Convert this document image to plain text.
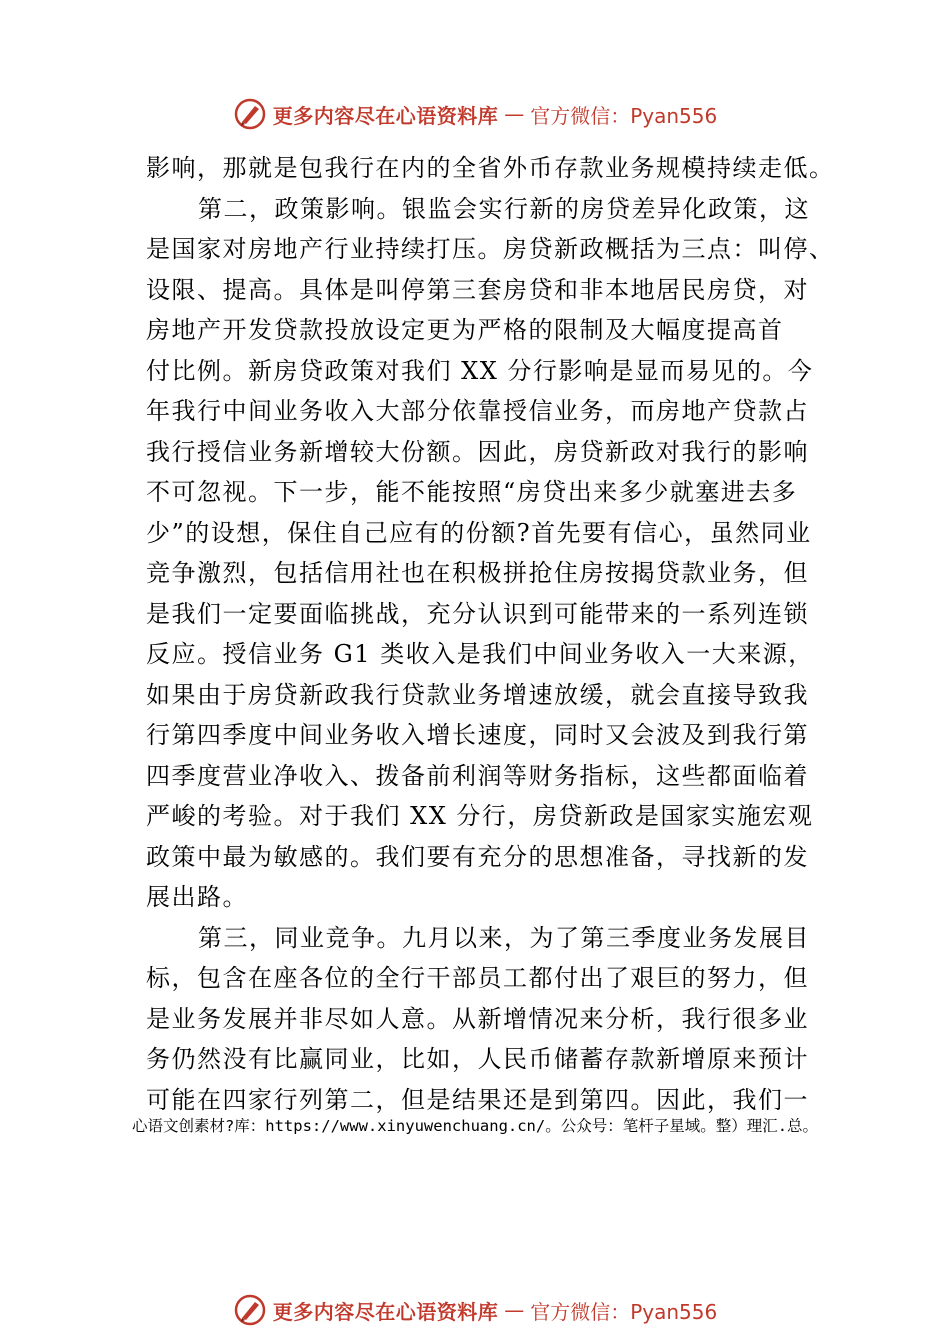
更多内容尽在心语资料库 — 官方微信：Pyan556
影响，那就是包我行在内的全省外币存款业务规模持续走低。
第二，政策影响。银监会实行新的房贷差异化政策，这
是国家对房地产行业持续打压。房贷新政概括为三点：叫停、
设限、提高。具体是叫停第三套房贷和非本地居民房贷，对
房地产开发贷款投放设定更为严格的限制及大幅度提高首
付比例。新房贷政策对我们 XX 分行影响是显而易见的。今
年我行中间业务收入大部分依靠授信业务，而房地产贷款占
我行授信业务新增较大份额。因此，房贷新政对我行的影响
不可忽视。下一步，能不能按照“房贷出来多少就塞进去多
少”的设想，保住自己应有的份额?首先要有信心，虽然同业
竞争激烈，包括信用社也在积极拼抢住房按揭贷款业务，但
是我们一定要面临挑战，充分认识到可能带来的一系列连锁
反应。授信业务 G1 类收入是我们中间业务收入一大来源，
如果由于房贷新政我行贷款业务增速放缓，就会直接导致我
行第四季度中间业务收入增长速度，同时又会波及到我行第
四季度营业净收入、拨备前利润等财务指标，这些都面临着
严峻的考验。对于我们 XX 分行，房贷新政是国家实施宏观
政策中最为敏感的。我们要有充分的思想准备，寻找新的发
展出路。
第三，同业竞争。九月以来，为了第三季度业务发展目
标，包含在座各位的全行干部员工都付出了艰巨的努力，但
是业务发展并非尽如人意。从新增情况来分析，我行很多业
务仍然没有比赢同业，比如，人民币储蓄存款新增原来预计
可能在四家行列第二，但是结果还是到第四。因此，我们一
心语文创素材?库：https://www.xinyuwenchuang.cn/。公众号：笔杆子星域。整）理汇.总。
更多内容尽在心语资料库 — 官方微信：Pyan556
